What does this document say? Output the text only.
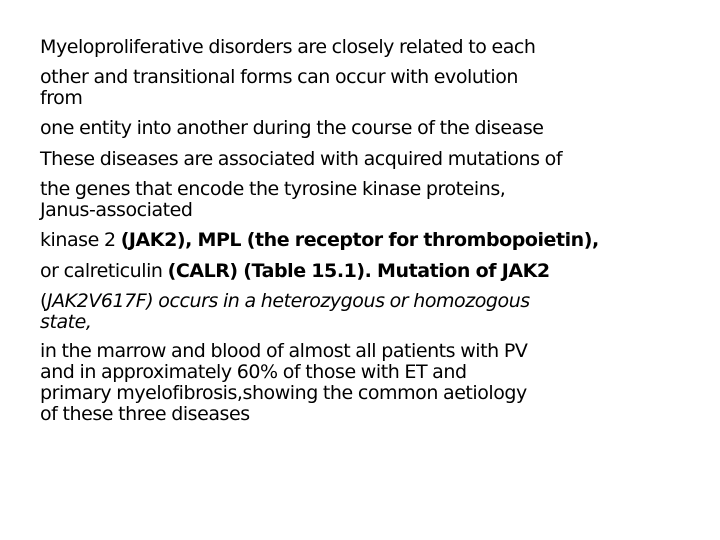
Myeloproliferative disorders are closely related to each

other and transitional forms can occur with evolution
from

one entity into another during the course of the disease

These diseases are associated with acquired mutations of

the genes that encode the tyrosine kinase proteins,
Janus-associated

kinase 2 (JAK2), MPL (the receptor for thrombopoietin),

or calreticulin (CALR) (Table 15.1). Mutation of JAK2

(JAK2V617F) occurs in a heterozygous or homozogous
state,

in the marrow and blood of almost all patients with PV
and in approximately 60% of those with ET and
primary myelofibrosis,showing the common aetiology
of these three diseases
